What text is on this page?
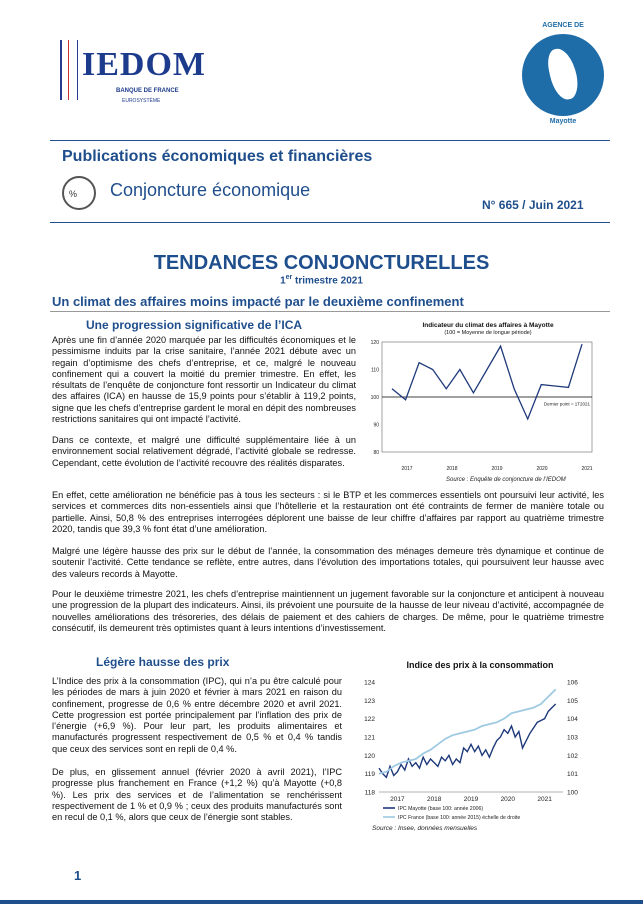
IEDOM
BANQUE DE FRANCE
EUROSYSTÈME
AGENCE DE
Mayotte
Publications économiques et financières
% Conjoncture économique
N° 665 / Juin 2021
TENDANCES CONJONCTURELLES
1er trimestre 2021
Un climat des affaires moins impacté par le deuxième confinement
Une progression significative de l’ICA
Après une fin d’année 2020 marquée par les difficultés économiques et le pessimisme induits par la crise sanitaire, l’année 2021 débute avec un regain d’optimisme des chefs d’entreprise, et ce, malgré le nouveau confinement qui a couvert la moitié du premier trimestre. En effet, les résultats de l’enquête de conjoncture font ressortir un Indicateur du climat des affaires (ICA) en hausse de 15,9 points pour s’établir à 119,2 points, signe que les chefs d’entreprise gardent le moral en dépit des nombreuses restrictions sanitaires qui ont impacté l’activité.
Dans ce contexte, et malgré une difficulté supplémentaire liée à un environnement social relativement dégradé, l’activité globale se redresse. Cependant, cette évolution de l’activité recouvre des réalités disparates.
Indicateur du climat des affaires à Mayotte
(100 = Moyenne de longue période)
80
90
100
110
120
2017	2018	2019	2020	2021
Dernier point = 1T2021
Source : Enquête de conjoncture de l’IEDOM
En effet, cette amélioration ne bénéficie pas à tous les secteurs : si le BTP et les commerces essentiels ont poursuivi leur activité, les services et commerces dits non-essentiels ainsi que l’hôtellerie et la restauration ont été contraints de fermer de manière totale ou partielle. Ainsi, 50,8 % des entreprises interrogées déplorent une baisse de leur chiffre d’affaires par rapport au quatrième trimestre 2020, tandis que 39,3 % font état d’une amélioration.
Malgré une légère hausse des prix sur le début de l’année, la consommation des ménages demeure très dynamique et continue de soutenir l’activité. Cette tendance se reflète, entre autres, dans l’évolution des importations totales, qui poursuivent leur hausse avec des valeurs records à Mayotte.
Pour le deuxième trimestre 2021, les chefs d’entreprise maintiennent un jugement favorable sur la conjoncture et anticipent à nouveau une progression de la plupart des indicateurs. Ainsi, ils prévoient une poursuite de la hausse de leur niveau d’activité, accompagnée de nouvelles améliorations des trésoreries, des délais de paiement et des cahiers de charges. De même, pour le quatrième trimestre consécutif, ils demeurent très optimistes quant à leurs intentions d’investissement.
Légère hausse des prix
L’Indice des prix à la consommation (IPC), qui n’a pu être calculé pour les périodes de mars à juin 2020 et février à mars 2021 en raison du confinement, progresse de 0,6 % entre décembre 2020 et avril 2021. Cette progression est portée principalement par l’inflation des prix de l’énergie (+6,9 %). Pour leur part, les produits alimentaires et manufacturés progressent respectivement de 0,5 % et 0,4 % tandis que ceux des services sont en repli de 0,4 %.
De plus, en glissement annuel (février 2020 à avril 2021), l’IPC progresse plus franchement en France (+1,2 %) qu’à Mayotte (+0,8 %). Les prix des services et de l’alimentation se renchérissent respectivement de 1 % et 0,9 % ; ceux des produits manufacturés sont en recul de 0,1 %, alors que ceux de l’énergie sont stables.
Indice des prix à la consommation
118
119
120
121
122
123
124
100
101
102
103
104
105
106
2017	2018	2019	2020	2021
IPC Mayotte (base 100: année 2006)
IPC France (base 100: année 2015) échelle de droite
Source : Insee, données mensuelles
1
